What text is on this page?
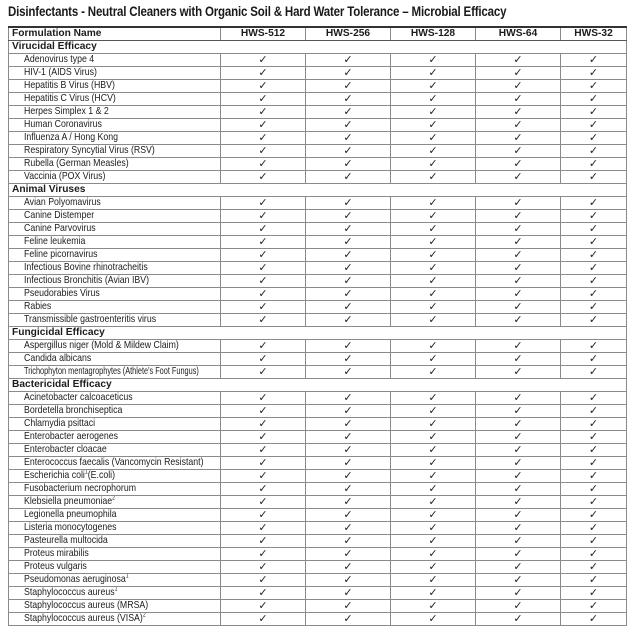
Disinfectants - Neutral Cleaners with Organic Soil & Hard Water Tolerance – Microbial Efficacy
Formulation Name	HWS-512	HWS-256	HWS-128	HWS-64	HWS-32
Virucidal Efficacy					
Adenovirus type 4	✓	✓	✓	✓	✓
HIV-1 (AIDS Virus)	✓	✓	✓	✓	✓
Hepatitis B Virus (HBV)	✓	✓	✓	✓	✓
Hepatitis C Virus (HCV)	✓	✓	✓	✓	✓
Herpes Simplex 1 & 2	✓	✓	✓	✓	✓
Human Coronavirus	✓	✓	✓	✓	✓
Influenza A / Hong Kong	✓	✓	✓	✓	✓
Respiratory Syncytial Virus (RSV)	✓	✓	✓	✓	✓
Rubella (German Measles)	✓	✓	✓	✓	✓
Vaccinia (POX Virus)	✓	✓	✓	✓	✓
Animal Viruses					
Avian Polyomavirus	✓	✓	✓	✓	✓
Canine Distemper	✓	✓	✓	✓	✓
Canine Parvovirus	✓	✓	✓	✓	✓
Feline leukemia	✓	✓	✓	✓	✓
Feline picornavirus	✓	✓	✓	✓	✓
Infectious Bovine rhinotracheitis	✓	✓	✓	✓	✓
Infectious Bronchitis (Avian IBV)	✓	✓	✓	✓	✓
Pseudorabies Virus	✓	✓	✓	✓	✓
Rabies	✓	✓	✓	✓	✓
Transmissible gastroenteritis virus	✓	✓	✓	✓	✓
Fungicidal Efficacy					
Aspergillus niger (Mold & Mildew Claim)	✓	✓	✓	✓	✓
Candida albicans	✓	✓	✓	✓	✓
Trichophyton mentagrophytes (Athlete's Foot Fungus)	✓	✓	✓	✓	✓
Bactericidal Efficacy					
Acinetobacter calcoaceticus	✓	✓	✓	✓	✓
Bordetella bronchiseptica	✓	✓	✓	✓	✓
Chlamydia psittaci	✓	✓	✓	✓	✓
Enterobacter aerogenes	✓	✓	✓	✓	✓
Enterobacter cloacae	✓	✓	✓	✓	✓
Enterococcus faecalis (Vancomycin Resistant)	✓	✓	✓	✓	✓
Escherichia coli$^1$(E.coli)	✓	✓	✓	✓	✓
Fusobacterium necrophorum	✓	✓	✓	✓	✓
Klebsiella pneumoniae$^2$	✓	✓	✓	✓	✓
Legionella pneumophila	✓	✓	✓	✓	✓
Listeria monocytogenes	✓	✓	✓	✓	✓
Pasteurella multocida	✓	✓	✓	✓	✓
Proteus mirabilis	✓	✓	✓	✓	✓
Proteus vulgaris	✓	✓	✓	✓	✓
Pseudomonas aeruginosa$^1$	✓	✓	✓	✓	✓
Staphylococcus aureus$^1$	✓	✓	✓	✓	✓
Staphylococcus aureus (MRSA)	✓	✓	✓	✓	✓
Staphylococcus aureus (VISA)$^2$	✓	✓	✓	✓	✓
